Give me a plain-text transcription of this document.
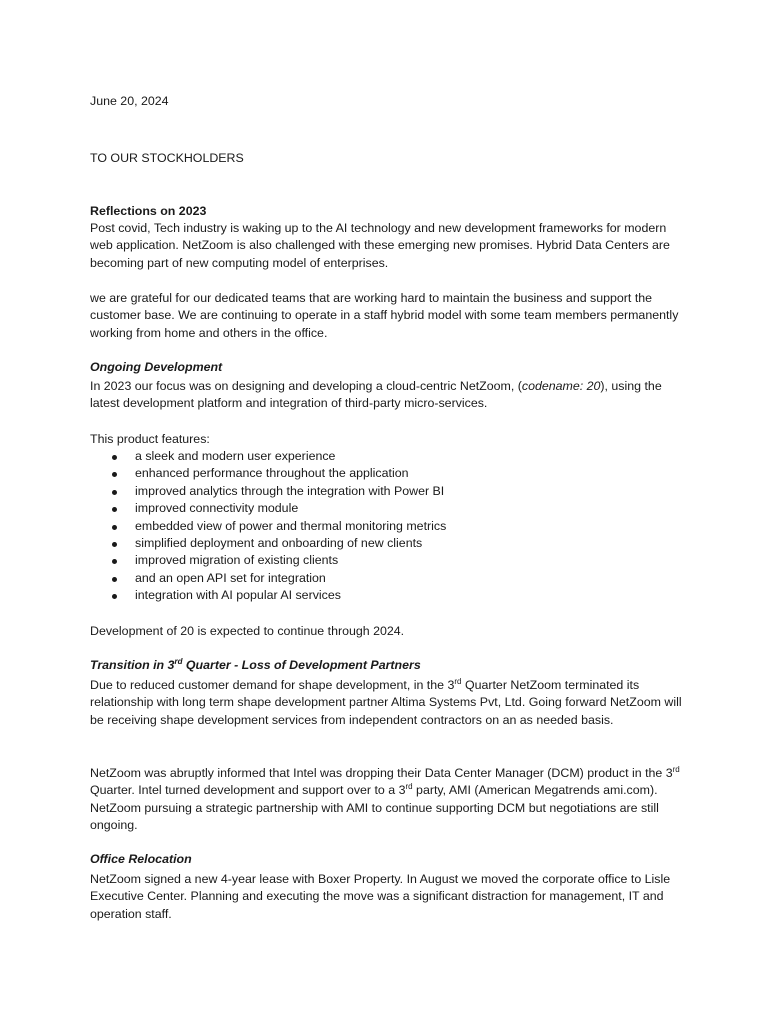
June 20, 2024

TO OUR STOCKHOLDERS

Reflections on 2023

Post covid, Tech industry is waking up to the AI technology and new development frameworks for modern web application. NetZoom is also challenged with these emerging new promises. Hybrid Data Centers are becoming part of new computing model of enterprises.

we are grateful for our dedicated teams that are working hard to maintain the business and support the customer base. We are continuing to operate in a staff hybrid model with some team members permanently working from home and others in the office.

Ongoing Development

In 2023 our focus was on designing and developing a cloud-centric NetZoom, (codename: 20), using the latest development platform and integration of third-party micro-services.

This product features:

a sleek and modern user experience
enhanced performance throughout the application
improved analytics through the integration with Power BI
improved connectivity module
embedded view of power and thermal monitoring metrics
simplified deployment and onboarding of new clients
improved migration of existing clients
and an open API set for integration
integration with AI popular AI services

Development of 20 is expected to continue through 2024.

Transition in 3rd Quarter - Loss of Development Partners

Due to reduced customer demand for shape development, in the 3rd Quarter NetZoom terminated its relationship with long term shape development partner Altima Systems Pvt, Ltd. Going forward NetZoom will be receiving shape development services from independent contractors on an as needed basis.

NetZoom was abruptly informed that Intel was dropping their Data Center Manager (DCM) product in the 3rd Quarter. Intel turned development and support over to a 3rd party, AMI (American Megatrends ami.com). NetZoom pursuing a strategic partnership with AMI to continue supporting DCM but negotiations are still ongoing.

Office Relocation

NetZoom signed a new 4-year lease with Boxer Property. In August we moved the corporate office to Lisle Executive Center. Planning and executing the move was a significant distraction for management, IT and operation staff.
